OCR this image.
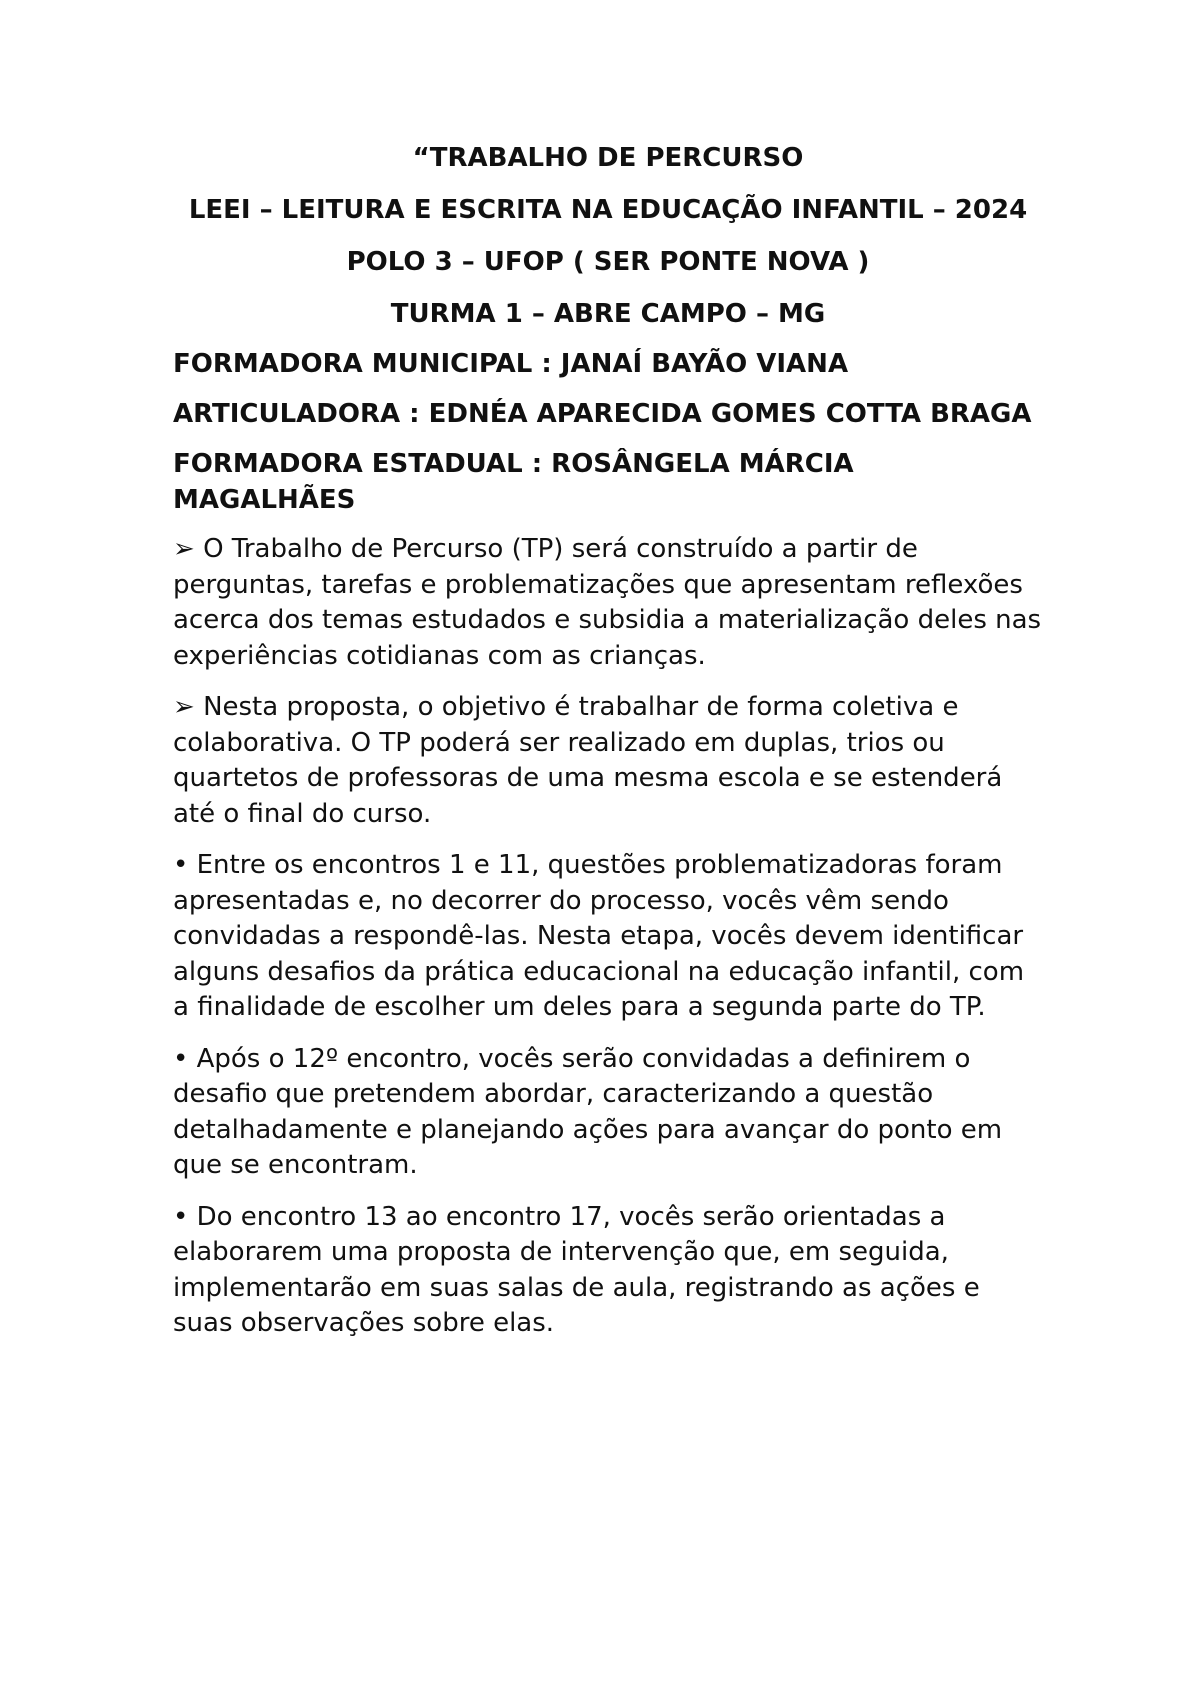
“TRABALHO DE PERCURSO
LEEI – LEITURA E ESCRITA NA EDUCAÇÃO INFANTIL – 2024
POLO 3 – UFOP ( SER PONTE NOVA )
TURMA 1 – ABRE CAMPO – MG
FORMADORA MUNICIPAL : JANAÍ BAYÃO VIANA
ARTICULADORA : EDNÉA APARECIDA GOMES COTTA BRAGA
FORMADORA ESTADUAL : ROSÂNGELA MÁRCIA MAGALHÃES

➢ O Trabalho de Percurso (TP) será construído a partir de perguntas, tarefas e problematizações que apresentam reflexões acerca dos temas estudados e subsidia a materialização deles nas experiências cotidianas com as crianças.

➢ Nesta proposta, o objetivo é trabalhar de forma coletiva e colaborativa. O TP poderá ser realizado em duplas, trios ou quartetos de professoras de uma mesma escola e se estenderá até o final do curso.

• Entre os encontros 1 e 11, questões problematizadoras foram apresentadas e, no decorrer do processo, vocês vêm sendo convidadas a respondê-las. Nesta etapa, vocês devem identificar alguns desafios da prática educacional na educação infantil, com a finalidade de escolher um deles para a segunda parte do TP.

• Após o 12º encontro, vocês serão convidadas a definirem o desafio que pretendem abordar, caracterizando a questão detalhadamente e planejando ações para avançar do ponto em que se encontram.

• Do encontro 13 ao encontro 17, vocês serão orientadas a elaborarem uma proposta de intervenção que, em seguida, implementarão em suas salas de aula, registrando as ações e suas observações sobre elas.
